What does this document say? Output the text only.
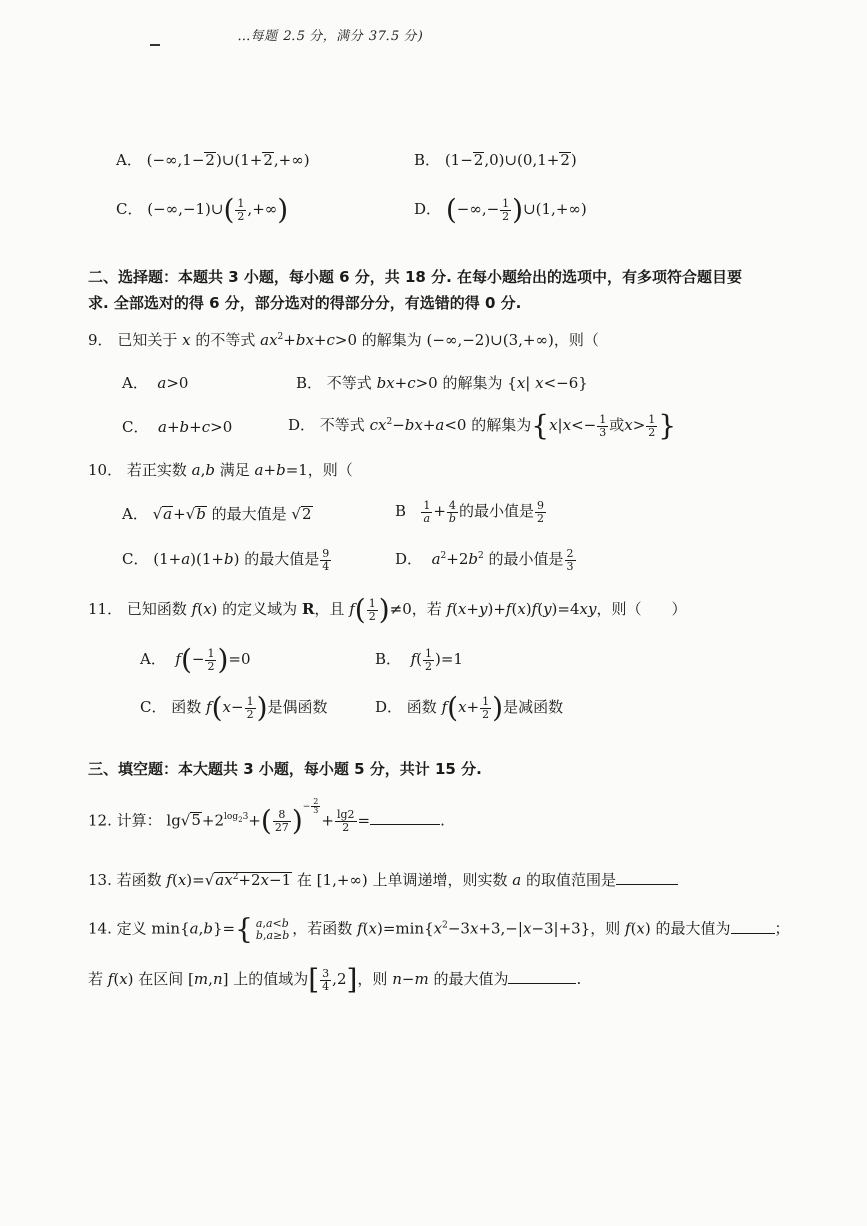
…每题 2.5 分，满分 37.5 分)
A． (−∞,1−2)∪(1+2,+∞)	B． (1−2,0)∪(0,1+2)
C． (−∞,−1)∪( $\frac{1}{2}$ ,+∞)	D． (−∞,− $\frac{1}{2}$ )∪(1,+∞)
二、选择题：本题共 3 小题，每小题 6 分，共 18 分. 在每小题给出的选项中，有多项符合题目要
求. 全部选对的得 6 分，部分选对的得部分分，有选错的得 0 分.
9． 已知关于 x 的不等式 $ax^2+bx+c>0$ 的解集为 (−∞,−2)∪(3,+∞)，则（
A．  a>0	B． 不等式 bx+c>0 的解集为 {x| x<−6}
C．  a+b+c>0	D． 不等式 $cx^2-bx+a<0$ 的解集为{$x|x<- \frac{1}{3}$ 或$x> \frac{1}{2}$ }
10． 若正实数 a,b 满足 a+b=1，则（
A． √a+√b 的最大值是 √2	B $\frac{1}{a} + \frac{4}{b}$ 的最小值是 $\frac{9}{2}$
C． (1+a)(1+b) 的最大值是 $\frac{9}{4}$	D．  $a^2+2b^2$ 的最小值是 $\frac{2}{3}$
11． 已知函数 f(x) 的定义域为 R，且 $f( \frac{1}{2} )\ne 0$，若 f(x+y)+f(x)f(y)=4xy，则（　　）
A．  $f(- \frac{1}{2} )=0$	B．  $f( \frac{1}{2} )=1$
C． 函数 $f(x- \frac{1}{2}$ )是偶函数	D． 函数 $f(x+ \frac{1}{2}$ )是减函数
三、填空题：本大题共 3 小题，每小题 5 分，共计 15 分.
12. 计算： $\lg√5+2^{log_23}+( \frac{8}{27} )^{- \frac{2}{3}}$
+ $\frac{\lg 2}{2}$ =	.
13. 若函数 $f(x)=√ax^2+2x-1$ 在 [1,+∞) 上单调递增，则实数 a 的取值范围是
14. 定义 min{a,b}={ a,a<b
b,a≥b ，若函数 $f(x)=\min\{x^2-3x+3,-|x-3|+3\}$，则 f(x) 的最大值为	；
若 f(x) 在区间 [m,n] 上的值域为[ $\frac{3}{4} ,2$]，则 n−m 的最大值为	.
